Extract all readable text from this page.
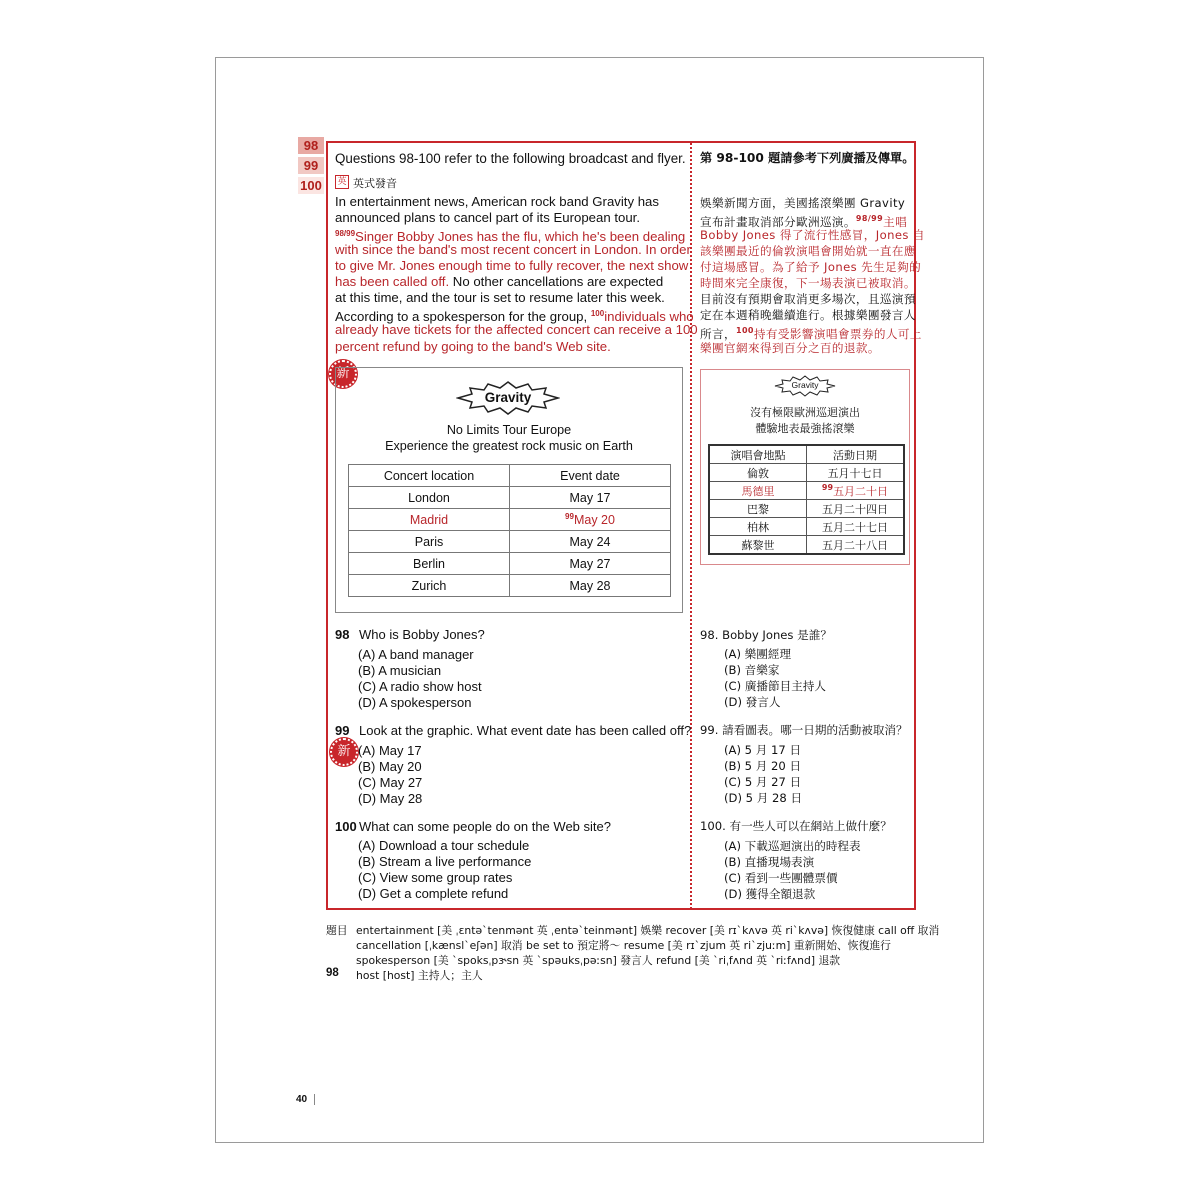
98
99
100
Questions 98-100 refer to the following broadcast and flyer.
英 英式發音
In entertainment news, American rock band Gravity has
announced plans to cancel part of its European tour.
$^{98/99}$Singer Bobby Jones has the flu, which he's been dealing
with since the band's most recent concert in London. In order
to give Mr. Jones enough time to fully recover, the next show
has been called off. No other cancellations are expected
at this time, and the tour is set to resume later this week.
According to a spokesperson for the group, $^{100}$individuals who
already have tickets for the affected concert can receive a 100
percent refund by going to the band's Web site.
新
Gravity
No Limits Tour Europe
Experience the greatest rock music on Earth
Concert location	Event date
London	May 17
Madrid	$^{99}$May 20
Paris	May 24
Berlin	May 27
Zurich	May 28
第 98-100 題請參考下列廣播及傳單。
娛樂新聞方面，美國搖滾樂團 Gravity
宣布計畫取消部分歐洲巡演。$^{98/99}$主唱
Bobby Jones 得了流行性感冒，Jones 自
該樂團最近的倫敦演唱會開始就一直在應
付這場感冒。為了給予 Jones 先生足夠的
時間來完全康復，下一場表演已被取消。
目前沒有預期會取消更多場次，且巡演預
定在本週稍晚繼續進行。根據樂團發言人
所言，$^{100}$持有受影響演唱會票券的人可上
樂團官網來得到百分之百的退款。
Gravity
沒有極限歐洲巡迴演出
體驗地表最強搖滾樂
演唱會地點	活動日期
倫敦	五月十七日
馬德里	$^{99}$五月二十日
巴黎	五月二十四日
柏林	五月二十七日
蘇黎世	五月二十八日
98 Who is Bobby Jones?
(A) A band manager
(B) A musician
(C) A radio show host
(D) A spokesperson
99 Look at the graphic. What event date has been called off?
新 (A) May 17
(B) May 20
(C) May 27
(D) May 28
100 What can some people do on the Web site?
(A) Download a tour schedule
(B) Stream a live performance
(C) View some group rates
(D) Get a complete refund
98. Bobby Jones 是誰？
(A) 樂團經理
(B) 音樂家
(C) 廣播節目主持人
(D) 發言人
99. 請看圖表。哪一日期的活動被取消？
(A) 5 月 17 日
(B) 5 月 20 日
(C) 5 月 27 日
(D) 5 月 28 日
100. 有一些人可以在網站上做什麼？
(A) 下載巡迴演出的時程表
(B) 直播現場表演
(C) 看到一些團體票價
(D) 獲得全額退款
題目 entertainment [美 ˌɛntəˋtenmənt 英 ˌentəˋteinmənt] 娛樂 recover [美 rɪˋkʌvə 英 riˋkʌvə] 恢復健康 call off 取消
cancellation [ˌkænslˋeʃən] 取消 be set to 預定將～ resume [美 rɪˋzjum 英 riˋzjuːm] 重新開始、恢復進行
spokesperson [美 ˋspoksˌpɝsn 英 ˋspəuksˌpəːsn] 發言人 refund [美 ˋriˌfʌnd 英 ˋriːfʌnd] 退款
98 host [host] 主持人；主人
40
